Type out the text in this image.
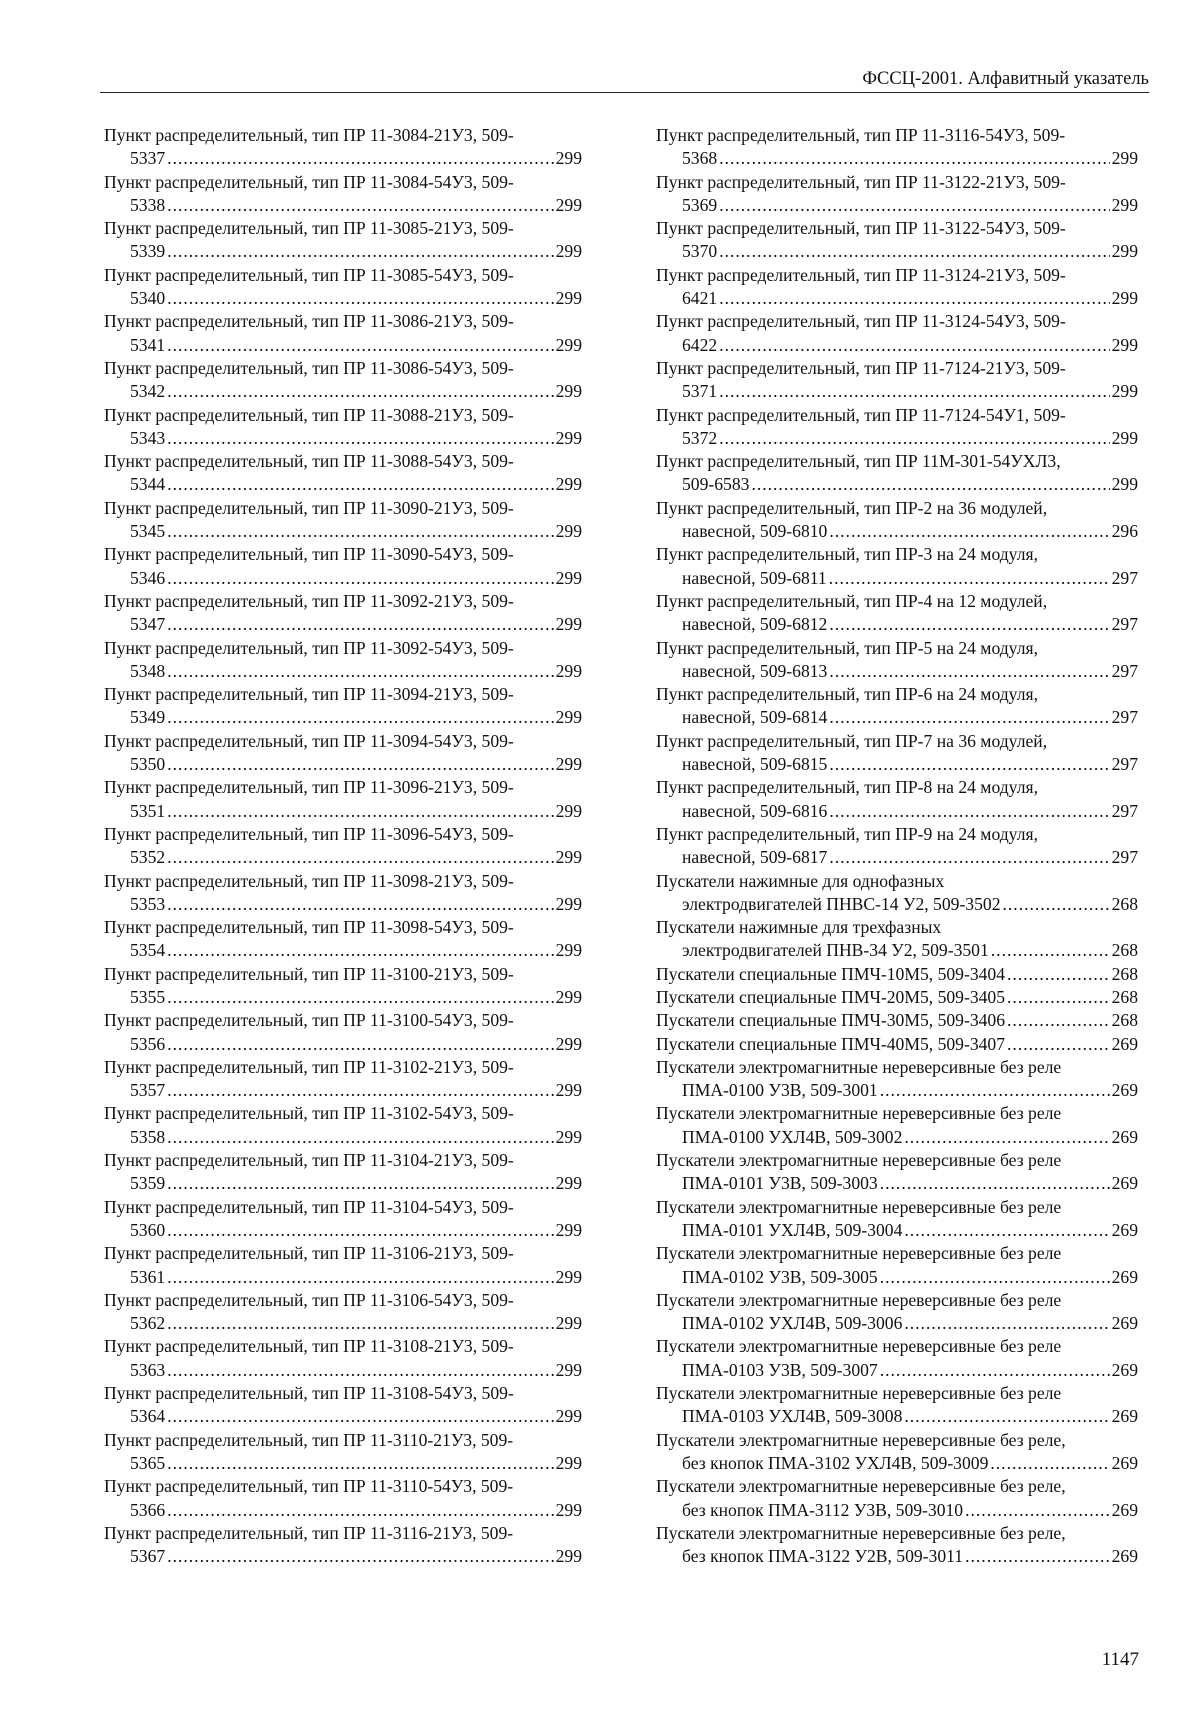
ФССЦ-2001. Алфавитный указатель
Пункт распределительный, тип ПР 11-3084-21У3, 509-
5337 .....	299
Пункт распределительный, тип ПР 11-3084-54У3, 509-
5338 .....	299
Пункт распределительный, тип ПР 11-3085-21У3, 509-
5339 .....	299
Пункт распределительный, тип ПР 11-3085-54У3, 509-
5340 .....	299
Пункт распределительный, тип ПР 11-3086-21У3, 509-
5341 .....	299
Пункт распределительный, тип ПР 11-3086-54У3, 509-
5342 .....	299
Пункт распределительный, тип ПР 11-3088-21У3, 509-
5343 .....	299
Пункт распределительный, тип ПР 11-3088-54У3, 509-
5344 .....	299
Пункт распределительный, тип ПР 11-3090-21У3, 509-
5345 .....	299
Пункт распределительный, тип ПР 11-3090-54У3, 509-
5346 .....	299
Пункт распределительный, тип ПР 11-3092-21У3, 509-
5347 .....	299
Пункт распределительный, тип ПР 11-3092-54У3, 509-
5348 .....	299
Пункт распределительный, тип ПР 11-3094-21У3, 509-
5349 .....	299
Пункт распределительный, тип ПР 11-3094-54У3, 509-
5350 .....	299
Пункт распределительный, тип ПР 11-3096-21У3, 509-
5351 .....	299
Пункт распределительный, тип ПР 11-3096-54У3, 509-
5352 .....	299
Пункт распределительный, тип ПР 11-3098-21У3, 509-
5353 .....	299
Пункт распределительный, тип ПР 11-3098-54У3, 509-
5354 .....	299
Пункт распределительный, тип ПР 11-3100-21У3, 509-
5355 .....	299
Пункт распределительный, тип ПР 11-3100-54У3, 509-
5356 .....	299
Пункт распределительный, тип ПР 11-3102-21У3, 509-
5357 .....	299
Пункт распределительный, тип ПР 11-3102-54У3, 509-
5358 .....	299
Пункт распределительный, тип ПР 11-3104-21У3, 509-
5359 .....	299
Пункт распределительный, тип ПР 11-3104-54У3, 509-
5360 .....	299
Пункт распределительный, тип ПР 11-3106-21У3, 509-
5361 .....	299
Пункт распределительный, тип ПР 11-3106-54У3, 509-
5362 .....	299
Пункт распределительный, тип ПР 11-3108-21У3, 509-
5363 .....	299
Пункт распределительный, тип ПР 11-3108-54У3, 509-
5364 .....	299
Пункт распределительный, тип ПР 11-3110-21У3, 509-
5365 .....	299
Пункт распределительный, тип ПР 11-3110-54У3, 509-
5366 .....	299
Пункт распределительный, тип ПР 11-3116-21У3, 509-
5367 .....	299
Пункт распределительный, тип ПР 11-3116-54У3, 509-
5368 .....	299
Пункт распределительный, тип ПР 11-3122-21У3, 509-
5369 .....	299
Пункт распределительный, тип ПР 11-3122-54У3, 509-
5370 .....	299
Пункт распределительный, тип ПР 11-3124-21У3, 509-
6421 .....	299
Пункт распределительный, тип ПР 11-3124-54У3, 509-
6422 .....	299
Пункт распределительный, тип ПР 11-7124-21У3, 509-
5371 .....	299
Пункт распределительный, тип ПР 11-7124-54У1, 509-
5372 .....	299
Пункт распределительный, тип ПР 11М-301-54УХЛ3,
509-6583 .....	299
Пункт распределительный, тип ПР-2 на 36 модулей,
навесной, 509-6810 .....	296
Пункт распределительный, тип ПР-3 на 24 модуля,
навесной, 509-6811 .....	297
Пункт распределительный, тип ПР-4 на 12 модулей,
навесной, 509-6812 .....	297
Пункт распределительный, тип ПР-5 на 24 модуля,
навесной, 509-6813 .....	297
Пункт распределительный, тип ПР-6 на 24 модуля,
навесной, 509-6814 .....	297
Пункт распределительный, тип ПР-7 на 36 модулей,
навесной, 509-6815 .....	297
Пункт распределительный, тип ПР-8 на 24 модуля,
навесной, 509-6816 .....	297
Пункт распределительный, тип ПР-9 на 24 модуля,
навесной, 509-6817 .....	297
Пускатели нажимные для однофазных
электродвигателей ПНВС-14 У2, 509-3502 .....	268
Пускатели нажимные для трехфазных
электродвигателей ПНВ-34 У2, 509-3501 .....	268
Пускатели специальные ПМЧ-10М5, 509-3404 .....	268
Пускатели специальные ПМЧ-20М5, 509-3405 .....	268
Пускатели специальные ПМЧ-30М5, 509-3406 .....	268
Пускатели специальные ПМЧ-40М5, 509-3407 .....	269
Пускатели электромагнитные нереверсивные без реле
ПМА-0100 У3В, 509-3001 .....	269
Пускатели электромагнитные нереверсивные без реле
ПМА-0100 УХЛ4В, 509-3002 .....	269
Пускатели электромагнитные нереверсивные без реле
ПМА-0101 У3В, 509-3003 .....	269
Пускатели электромагнитные нереверсивные без реле
ПМА-0101 УХЛ4В, 509-3004 .....	269
Пускатели электромагнитные нереверсивные без реле
ПМА-0102 У3В, 509-3005 .....	269
Пускатели электромагнитные нереверсивные без реле
ПМА-0102 УХЛ4В, 509-3006 .....	269
Пускатели электромагнитные нереверсивные без реле
ПМА-0103 У3В, 509-3007 .....	269
Пускатели электромагнитные нереверсивные без реле
ПМА-0103 УХЛ4В, 509-3008 .....	269
Пускатели электромагнитные нереверсивные без реле,
без кнопок ПМА-3102 УХЛ4В, 509-3009 .....	269
Пускатели электромагнитные нереверсивные без реле,
без кнопок ПМА-3112 У3В, 509-3010 .....	269
Пускатели электромагнитные нереверсивные без реле,
без кнопок ПМА-3122 У2В, 509-3011 .....	269
1147
